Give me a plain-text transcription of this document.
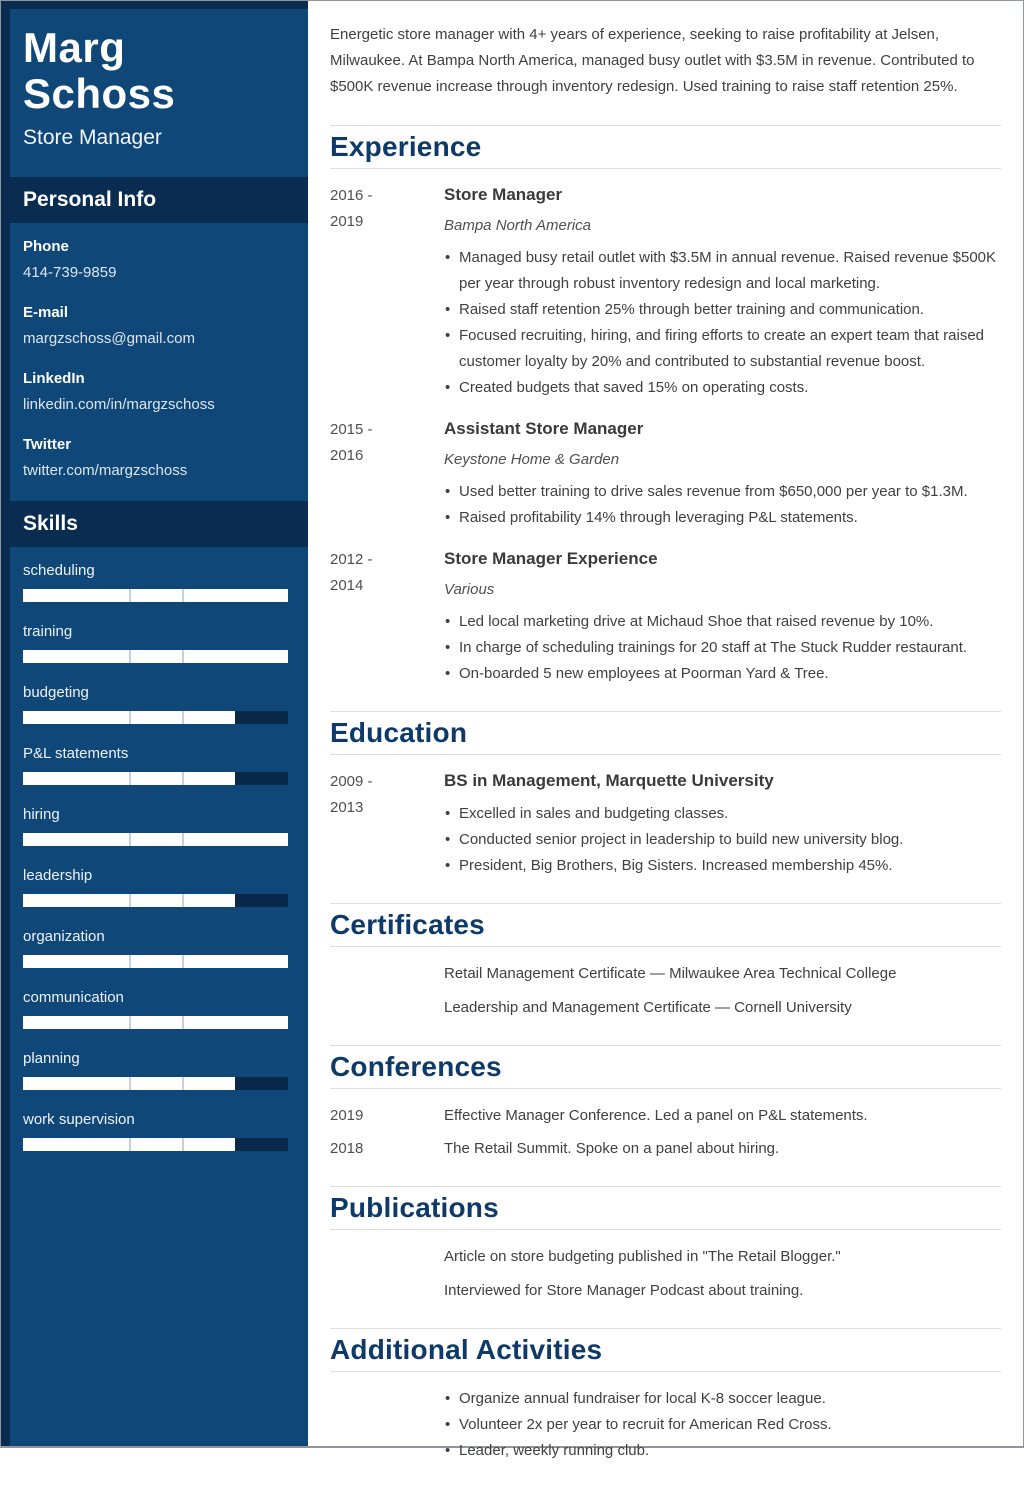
Marg Schoss
Store Manager
Personal Info
Phone
414-739-9859
E-mail
margzschoss@gmail.com
LinkedIn
linkedin.com/in/margzschoss
Twitter
twitter.com/margzschoss
Skills
scheduling
training
budgeting
P&L statements
hiring
leadership
organization
communication
planning
work supervision

Energetic store manager with 4+ years of experience, seeking to raise profitability at Jelsen, Milwaukee. At Bampa North America, managed busy outlet with $3.5M in revenue. Contributed to $500K revenue increase through inventory redesign. Used training to raise staff retention 25%.

Experience
2016 -
2019
Store Manager
Bampa North America
• Managed busy retail outlet with $3.5M in annual revenue. Raised revenue $500K per year through robust inventory redesign and local marketing.
• Raised staff retention 25% through better training and communication.
• Focused recruiting, hiring, and firing efforts to create an expert team that raised customer loyalty by 20% and contributed to substantial revenue boost.
• Created budgets that saved 15% on operating costs.
2015 -
2016
Assistant Store Manager
Keystone Home & Garden
• Used better training to drive sales revenue from $650,000 per year to $1.3M.
• Raised profitability 14% through leveraging P&L statements.
2012 -
2014
Store Manager Experience
Various
• Led local marketing drive at Michaud Shoe that raised revenue by 10%.
• In charge of scheduling trainings for 20 staff at The Stuck Rudder restaurant.
• On-boarded 5 new employees at Poorman Yard & Tree.
Education
2009 -
2013
BS in Management, Marquette University
• Excelled in sales and budgeting classes.
• Conducted senior project in leadership to build new university blog.
• President, Big Brothers, Big Sisters. Increased membership 45%.
Certificates
Retail Management Certificate — Milwaukee Area Technical College
Leadership and Management Certificate — Cornell University
Conferences
2019	Effective Manager Conference. Led a panel on P&L statements.
2018	The Retail Summit. Spoke on a panel about hiring.
Publications
Article on store budgeting published in "The Retail Blogger."
Interviewed for Store Manager Podcast about training.
Additional Activities
• Organize annual fundraiser for local K-8 soccer league.
• Volunteer 2x per year to recruit for American Red Cross.
• Leader, weekly running club.
